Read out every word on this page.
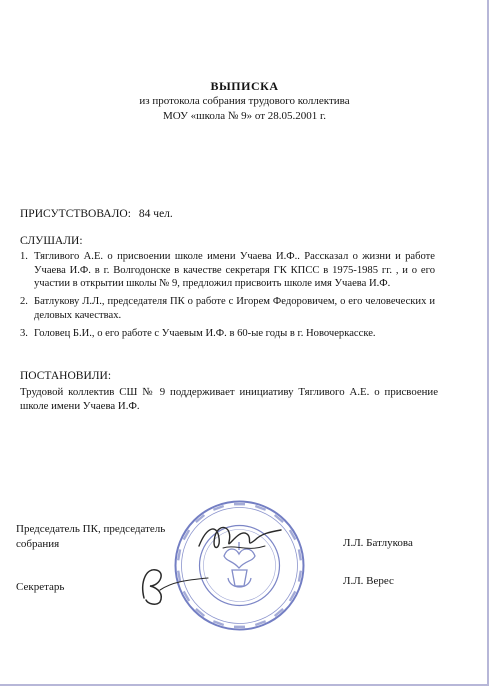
ВЫПИСКА
из протокола собрания трудового коллектива
МОУ «школа № 9» от 28.05.2001 г.
ПРИСУТСТВОВАЛО: 84 чел.
СЛУШАЛИ:
1. Тягливого А.Е. о присвоении школе имени Учаева И.Ф.. Рассказал о жизни и работе Учаева И.Ф. в г. Волгодонске в качестве секретаря ГК КПСС в 1975-1985 гг. , и о его участии в открытии школы № 9, предложил присвоить школе имя Учаева И.Ф.
2. Батлукову Л.Л., председателя ПК о работе с Игорем Федоровичем, о его человеческих и деловых качествах.
3. Головец Б.И., о его работе с Учаевым И.Ф. в 60-ые годы в г. Новочеркасске.
ПОСТАНОВИЛИ:
Трудовой коллектив СШ № 9 поддерживает инициативу Тягливого А.Е. о присвоение школе имени Учаева И.Ф.
Председатель ПК, председатель собрания	Л.Л. Батлукова
Секретарь	Л.Л. Верес
